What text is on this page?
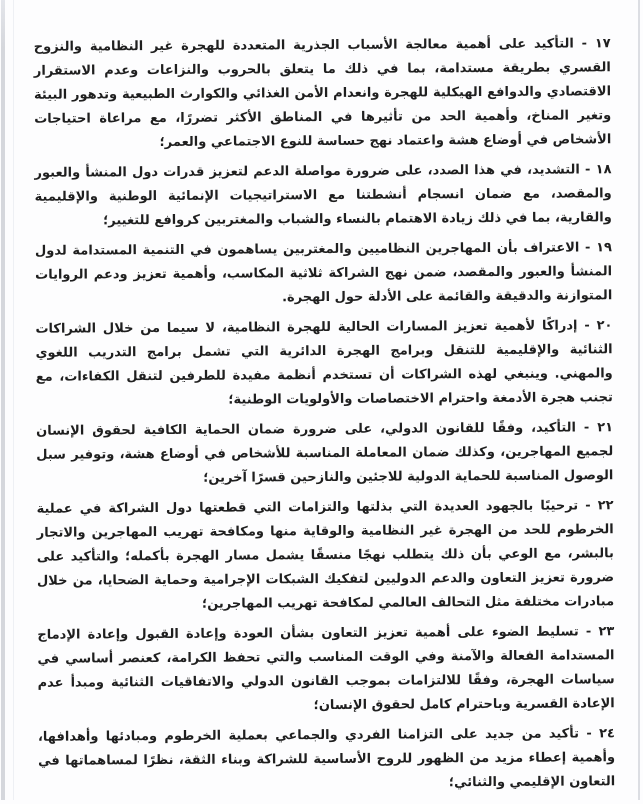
١٧ - التأكيد على أهمية معالجة الأسباب الجذرية المتعددة للهجرة غير النظامية والنزوح القسري بطريقة مستدامة، بما في ذلك ما يتعلق بالحروب والنزاعات وعدم الاستقرار الاقتصادي والدوافع الهيكلية للهجرة وانعدام الأمن الغذائي والكوارث الطبيعية وتدهور البيئة وتغير المناخ، وأهمية الحد من تأثيرها في المناطق الأكثر تضررًا، مع مراعاة احتياجات الأشخاص في أوضاع هشة واعتماد نهج حساسة للنوع الاجتماعي والعمر؛

١٨ - التشديد، في هذا الصدد، على ضرورة مواصلة الدعم لتعزيز قدرات دول المنشأ والعبور والمقصد، مع ضمان انسجام أنشطتنا مع الاستراتيجيات الإنمائية الوطنية والإقليمية والقارية، بما في ذلك زيادة الاهتمام بالنساء والشباب والمغتربين كروافع للتغيير؛

١٩ - الاعتراف بأن المهاجرين النظاميين والمغتربين يساهمون في التنمية المستدامة لدول المنشأ والعبور والمقصد، ضمن نهج الشراكة ثلاثية المكاسب، وأهمية تعزيز ودعم الروايات المتوازنة والدقيقة والقائمة على الأدلة حول الهجرة.

٢٠ - إدراكًا لأهمية تعزيز المسارات الحالية للهجرة النظامية، لا سيما من خلال الشراكات الثنائية والإقليمية للتنقل وبرامج الهجرة الدائرية التي تشمل برامج التدريب اللغوي والمهني. وينبغي لهذه الشراكات أن تستخدم أنظمة مفيدة للطرفين لتنقل الكفاءات، مع تجنب هجرة الأدمغة واحترام الاختصاصات والأولويات الوطنية؛

٢١ - التأكيد، وفقًا للقانون الدولي، على ضرورة ضمان الحماية الكافية لحقوق الإنسان لجميع المهاجرين، وكذلك ضمان المعاملة المناسبة للأشخاص في أوضاع هشة، وتوفير سبل الوصول المناسبة للحماية الدولية للاجئين والنازحين قسرًا آخرين؛

٢٢ - ترحيبًا بالجهود العديدة التي بذلتها والتزامات التي قطعتها دول الشراكة في عملية الخرطوم للحد من الهجرة غير النظامية والوقاية منها ومكافحة تهريب المهاجرين والاتجار بالبشر، مع الوعي بأن ذلك يتطلب نهجًا منسقًا يشمل مسار الهجرة بأكمله؛ والتأكيد على ضرورة تعزيز التعاون والدعم الدوليين لتفكيك الشبكات الإجرامية وحماية الضحايا، من خلال مبادرات مختلفة مثل التحالف العالمي لمكافحة تهريب المهاجرين؛

٢٣ - تسليط الضوء على أهمية تعزيز التعاون بشأن العودة وإعادة القبول وإعادة الإدماج المستدامة الفعالة والآمنة وفي الوقت المناسب والتي تحفظ الكرامة، كعنصر أساسي في سياسات الهجرة، وفقًا للالتزامات بموجب القانون الدولي والاتفاقيات الثنائية ومبدأ عدم الإعادة القسرية وباحترام كامل لحقوق الإنسان؛

٢٤ - تأكيد من جديد على التزامنا الفردي والجماعي بعملية الخرطوم ومبادئها وأهدافها، وأهمية إعطاء مزيد من الظهور للروح الأساسية للشراكة وبناء الثقة، نظرًا لمساهماتها في التعاون الإقليمي والثنائي؛
